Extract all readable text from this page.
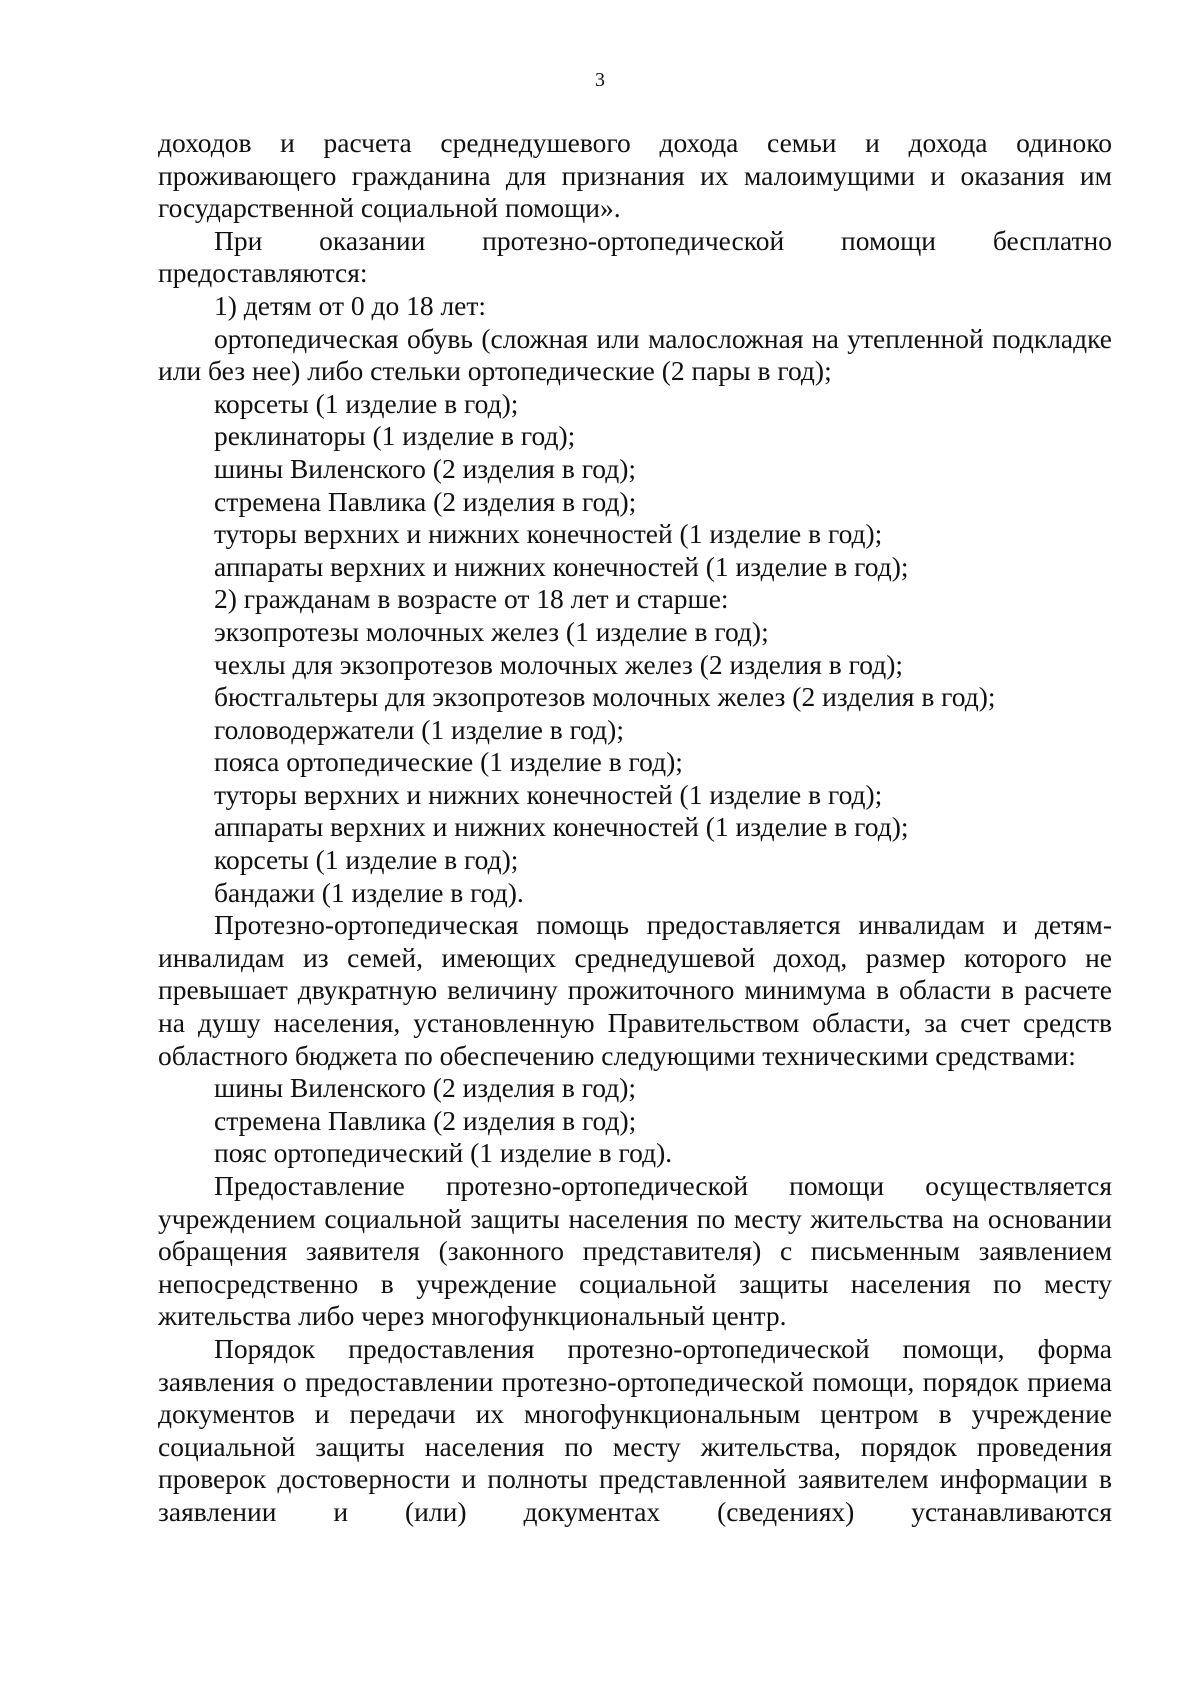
3

доходов и расчета среднедушевого дохода семьи и дохода одиноко проживающего гражданина для признания их малоимущими и оказания им государственной социальной помощи».

При оказании протезно-ортопедической помощи бесплатно предоставляются:

1) детям от 0 до 18 лет:

ортопедическая обувь (сложная или малосложная на утепленной подкладке или без нее) либо стельки ортопедические (2 пары в год);

корсеты (1 изделие в год);

реклинаторы (1 изделие в год);

шины Виленского (2 изделия в год);

стремена Павлика (2 изделия в год);

туторы верхних и нижних конечностей (1 изделие в год);

аппараты верхних и нижних конечностей (1 изделие в год);

2) гражданам в возрасте от 18 лет и старше:

экзопротезы молочных желез (1 изделие в год);

чехлы для экзопротезов молочных желез (2 изделия в год);

бюстгальтеры для экзопротезов молочных желез (2 изделия в год);

головодержатели (1 изделие в год);

пояса ортопедические (1 изделие в год);

туторы верхних и нижних конечностей (1 изделие в год);

аппараты верхних и нижних конечностей (1 изделие в год);

корсеты (1 изделие в год);

бандажи (1 изделие в год).

Протезно-ортопедическая помощь предоставляется инвалидам и детям-инвалидам из семей, имеющих среднедушевой доход, размер которого не превышает двукратную величину прожиточного минимума в области в расчете на душу населения, установленную Правительством области, за счет средств областного бюджета по обеспечению следующими техническими средствами:

шины Виленского (2 изделия в год);

стремена Павлика (2 изделия в год);

пояс ортопедический (1 изделие в год).

Предоставление протезно-ортопедической помощи осуществляется учреждением социальной защиты населения по месту жительства на основании обращения заявителя (законного представителя) с письменным заявлением непосредственно в учреждение социальной защиты населения по месту жительства либо через многофункциональный центр.

Порядок предоставления протезно-ортопедической помощи, форма заявления о предоставлении протезно-ортопедической помощи, порядок приема документов и передачи их многофункциональным центром в учреждение социальной защиты населения по месту жительства, порядок проведения проверок достоверности и полноты представленной заявителем информации в заявлении и (или) документах (сведениях) устанавливаются
